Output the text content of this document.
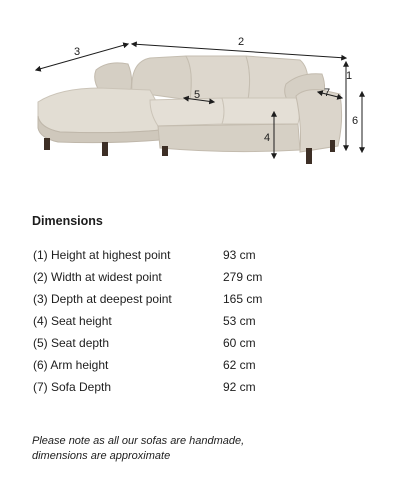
1
2
3
4
5
6
7
Dimensions
(1) Height at highest point	93 cm
(2) Width at widest point	279 cm
(3) Depth at deepest point	165 cm
(4) Seat height	53 cm
(5) Seat depth	60 cm
(6) Arm height	62 cm
(7) Sofa Depth	92 cm

Please note as all our sofas are handmade,
dimensions are approximate
